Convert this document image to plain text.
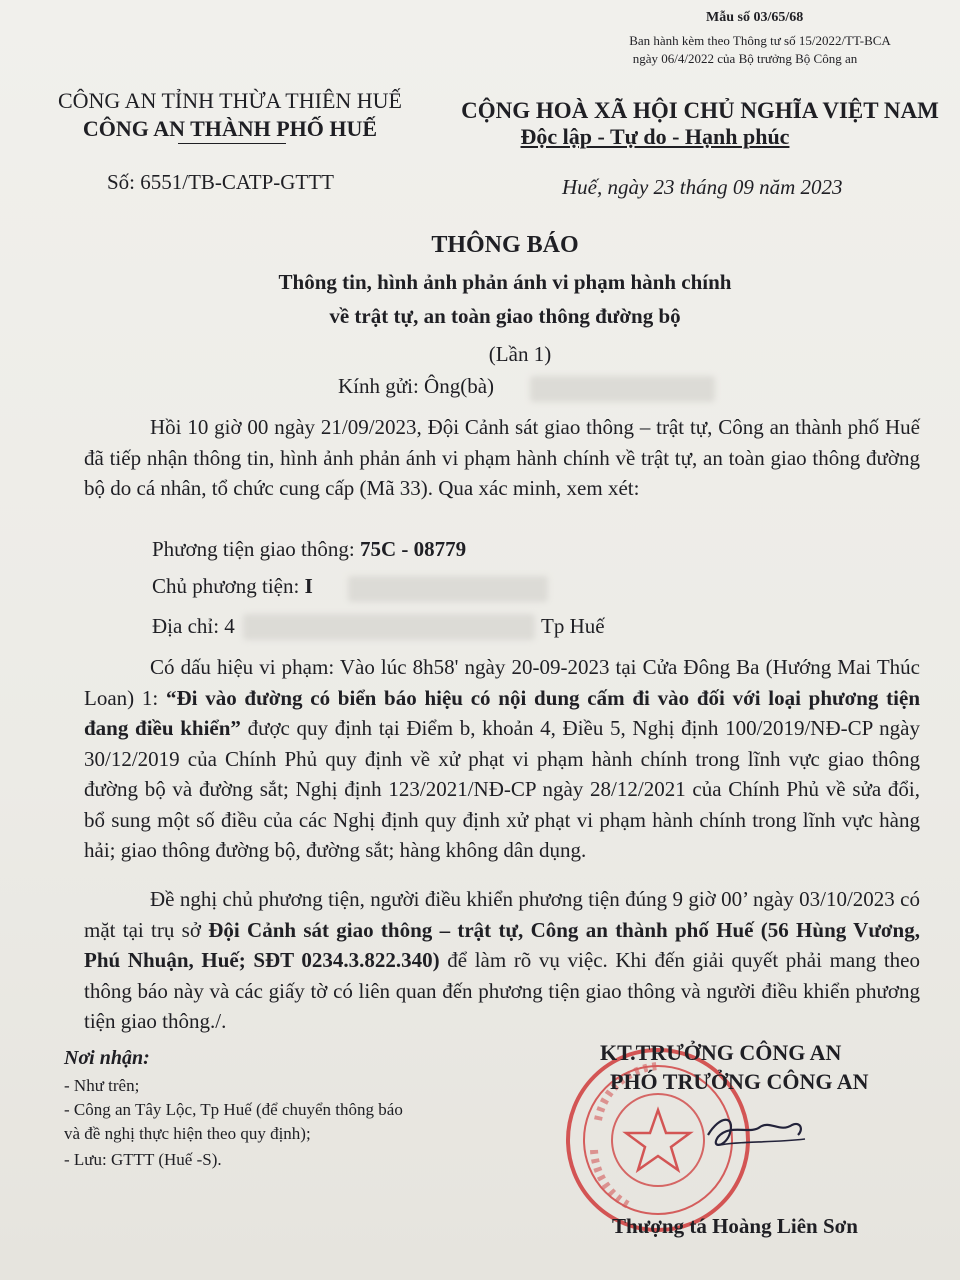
Mẫu số 03/65/68
Ban hành kèm theo Thông tư số 15/2022/TT-BCA
ngày 06/4/2022 của Bộ trưởng Bộ Công an
CÔNG AN TỈNH THỪA THIÊN HUẾ
CÔNG AN THÀNH PHỐ HUẾ
Số: 6551/TB-CATP-GTTT
CỘNG HOÀ XÃ HỘI CHỦ NGHĨA VIỆT NAM
Độc lập - Tự do - Hạnh phúc
Huế, ngày 23 tháng 09 năm 2023
THÔNG BÁO
Thông tin, hình ảnh phản ánh vi phạm hành chính
về trật tự, an toàn giao thông đường bộ
(Lần 1)
Kính gửi: Ông(bà)
Hồi 10 giờ 00 ngày 21/09/2023, Đội Cảnh sát giao thông – trật tự, Công an thành phố Huế đã tiếp nhận thông tin, hình ảnh phản ánh vi phạm hành chính về trật tự, an toàn giao thông đường bộ do cá nhân, tổ chức cung cấp (Mã 33). Qua xác minh, xem xét:
Phương tiện giao thông: 75C - 08779
Chủ phương tiện: I
Địa chỉ: 4	Tp Huế
Có dấu hiệu vi phạm: Vào lúc 8h58' ngày 20-09-2023 tại Cửa Đông Ba (Hướng Mai Thúc Loan) 1: “Đi vào đường có biển báo hiệu có nội dung cấm đi vào đối với loại phương tiện đang điều khiển” được quy định tại Điểm b, khoản 4, Điều 5, Nghị định 100/2019/NĐ-CP ngày 30/12/2019 của Chính Phủ quy định về xử phạt vi phạm hành chính trong lĩnh vực giao thông đường bộ và đường sắt; Nghị định 123/2021/NĐ-CP ngày 28/12/2021 của Chính Phủ về sửa đổi, bổ sung một số điều của các Nghị định quy định xử phạt vi phạm hành chính trong lĩnh vực hàng hải; giao thông đường bộ, đường sắt; hàng không dân dụng.
Đề nghị chủ phương tiện, người điều khiển phương tiện đúng 9 giờ 00’ ngày 03/10/2023 có mặt tại trụ sở Đội Cảnh sát giao thông – trật tự, Công an thành phố Huế (56 Hùng Vương, Phú Nhuận, Huế; SĐT 0234.3.822.340) để làm rõ vụ việc. Khi đến giải quyết phải mang theo thông báo này và các giấy tờ có liên quan đến phương tiện giao thông và người điều khiển phương tiện giao thông./.
Nơi nhận:
- Như trên;
- Công an Tây Lộc, Tp Huế (để chuyển thông báo
và đề nghị thực hiện theo quy định);
- Lưu: GTTT (Huế -S).
KT.TRƯỞNG CÔNG AN
PHÓ TRƯỞNG CÔNG AN
Thượng tá Hoàng Liên Sơn
